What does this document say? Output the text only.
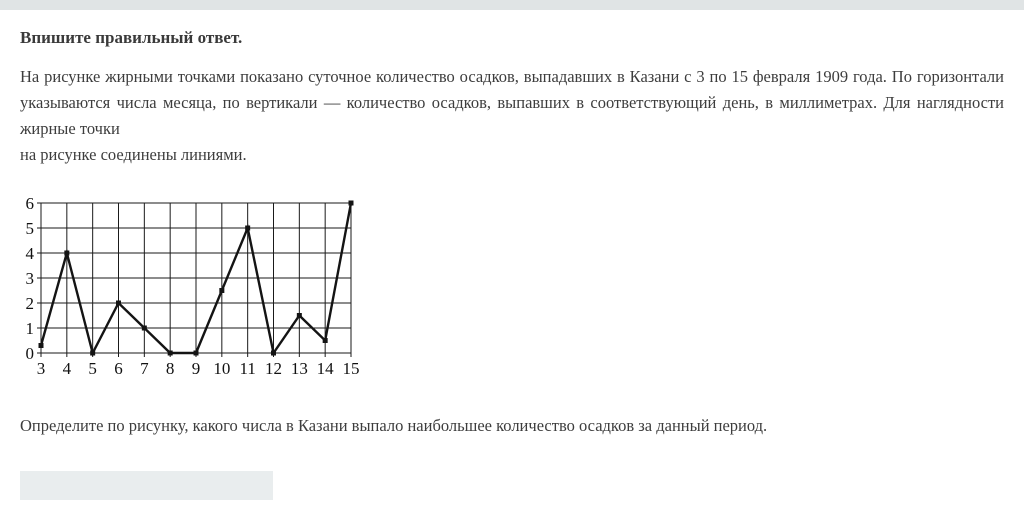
Впишите правильный ответ.

На рисунке жирными точками показано суточное количество осадков, выпадавших в Казани с 3 по 15 февраля 1909 года. По горизонтали указываются числа месяца, по вертикали — количество осадков, выпавших в соответствующий день, в миллиметрах. Для наглядности жирные точки
на рисунке соединены линиями.

3 4 5 6 7 8 9 10 11 12 13 14 15
0
1
2
3
4
5
6

Определите по рисунку, какого числа в Казани выпало наибольшее количество осадков за данный период.
